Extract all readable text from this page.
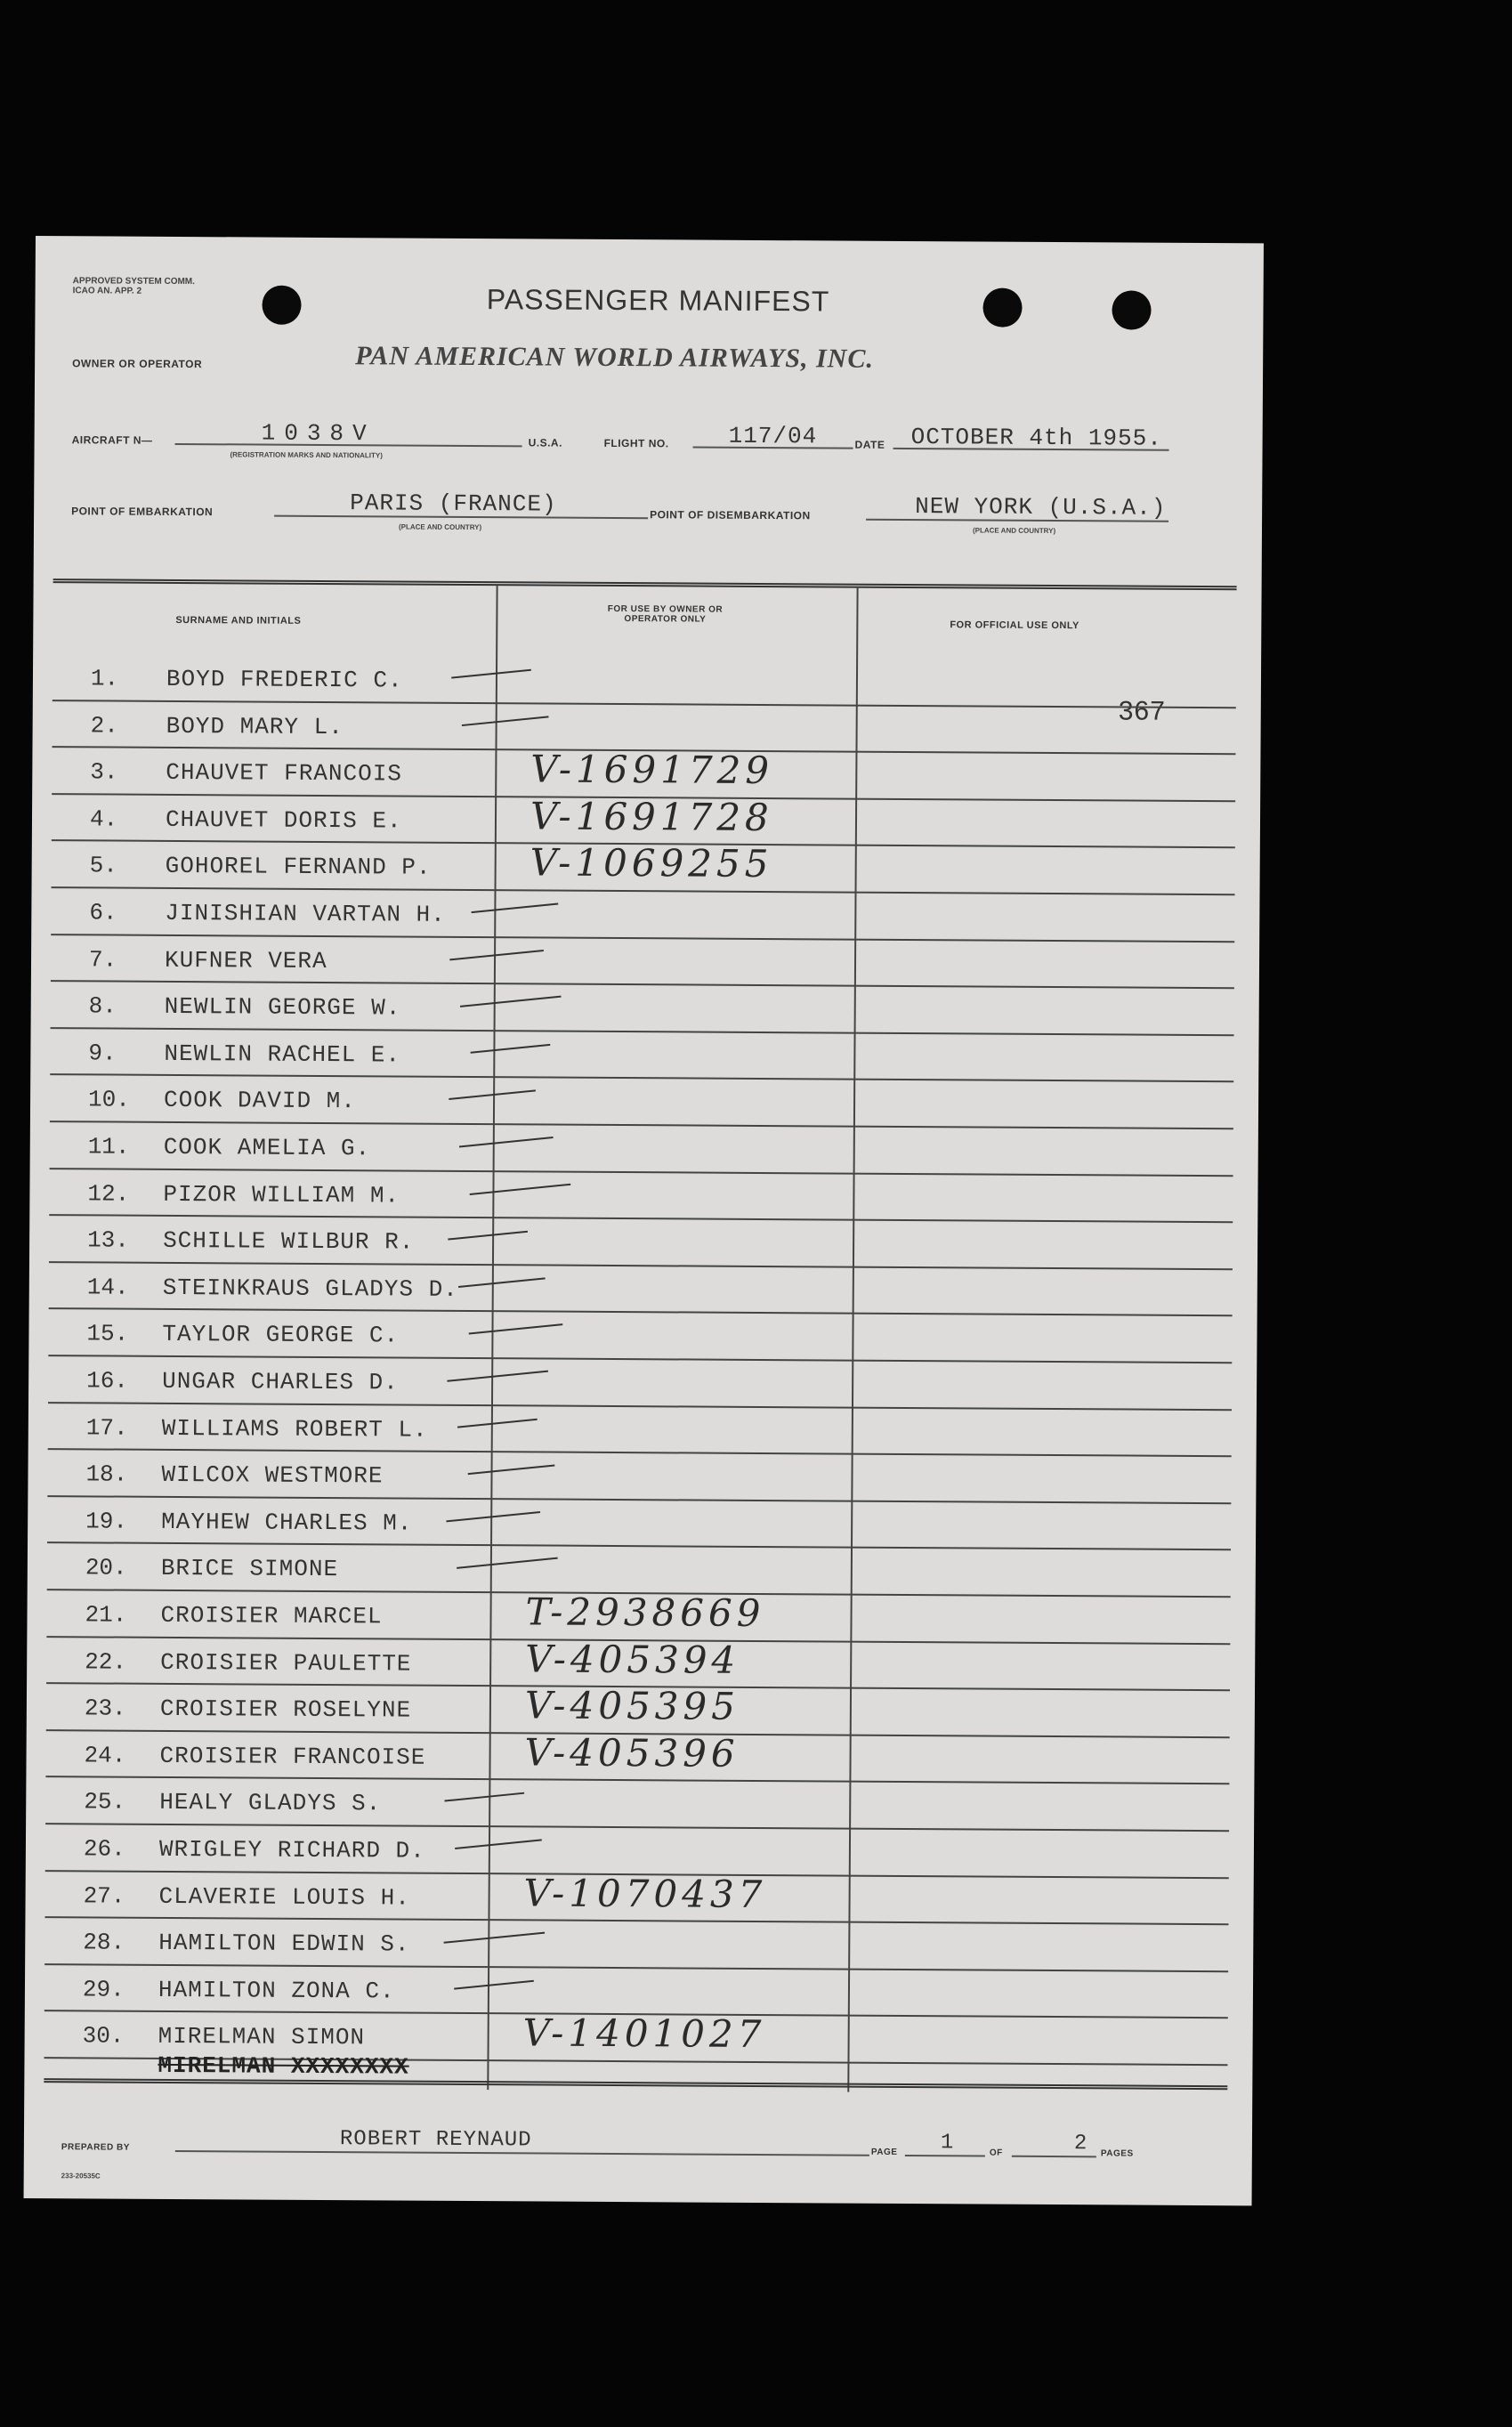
APPROVED SYSTEM COMM. ICAO AN. APP. 2	PASSENGER MANIFEST
OWNER OR OPERATOR	PAN AMERICAN WORLD AIRWAYS, INC.
AIRCRAFT N—	1038V
(REGISTRATION MARKS AND NATIONALITY)
U.S.A.	FLIGHT NO.	117/04	DATE OCTOBER 4th 1955.
POINT OF EMBARKATION	PARIS (FRANCE)
(PLACE AND COUNTRY)
POINT OF DISEMBARKATION	NEW YORK (U.S.A.)
(PLACE AND COUNTRY)
SURNAME AND INITIALS
FOR USE BY OWNER OR OPERATOR ONLY
FOR OFFICIAL USE ONLY
367
1. BOYD FREDERIC C.
2. BOYD MARY L.
3. CHAUVET FRANCOIS	V-1691729
4. CHAUVET DORIS E.	V-1691728
5. GOHOREL FERNAND P.	V-1069255
6. JINISHIAN VARTAN H.
7. KUFNER VERA
8. NEWLIN GEORGE W.
9. NEWLIN RACHEL E.
10. COOK DAVID M.
11. COOK AMELIA G.
12. PIZOR WILLIAM M.
13. SCHILLE WILBUR R.
14. STEINKRAUS GLADYS D.
15. TAYLOR GEORGE C.
16. UNGAR CHARLES D.
17. WILLIAMS ROBERT L.
18. WILCOX WESTMORE
19. MAYHEW CHARLES M.
20. BRICE SIMONE
21. CROISIER MARCEL	T-2938669
22. CROISIER PAULETTE	V-405394
23. CROISIER ROSELYNE	V-405395
24. CROISIER FRANCOISE	V-405396
25. HEALY GLADYS S.
26. WRIGLEY RICHARD D.
27. CLAVERIE LOUIS H.	V-1070437
28. HAMILTON EDWIN S.
29. HAMILTON ZONA C.
30. MIRELMAN SIMON	V-1401027
MIRELMAN XXXXXXXX
PREPARED BY	ROBERT REYNAUD	PAGE 1	OF	2 PAGES
233-20535C
